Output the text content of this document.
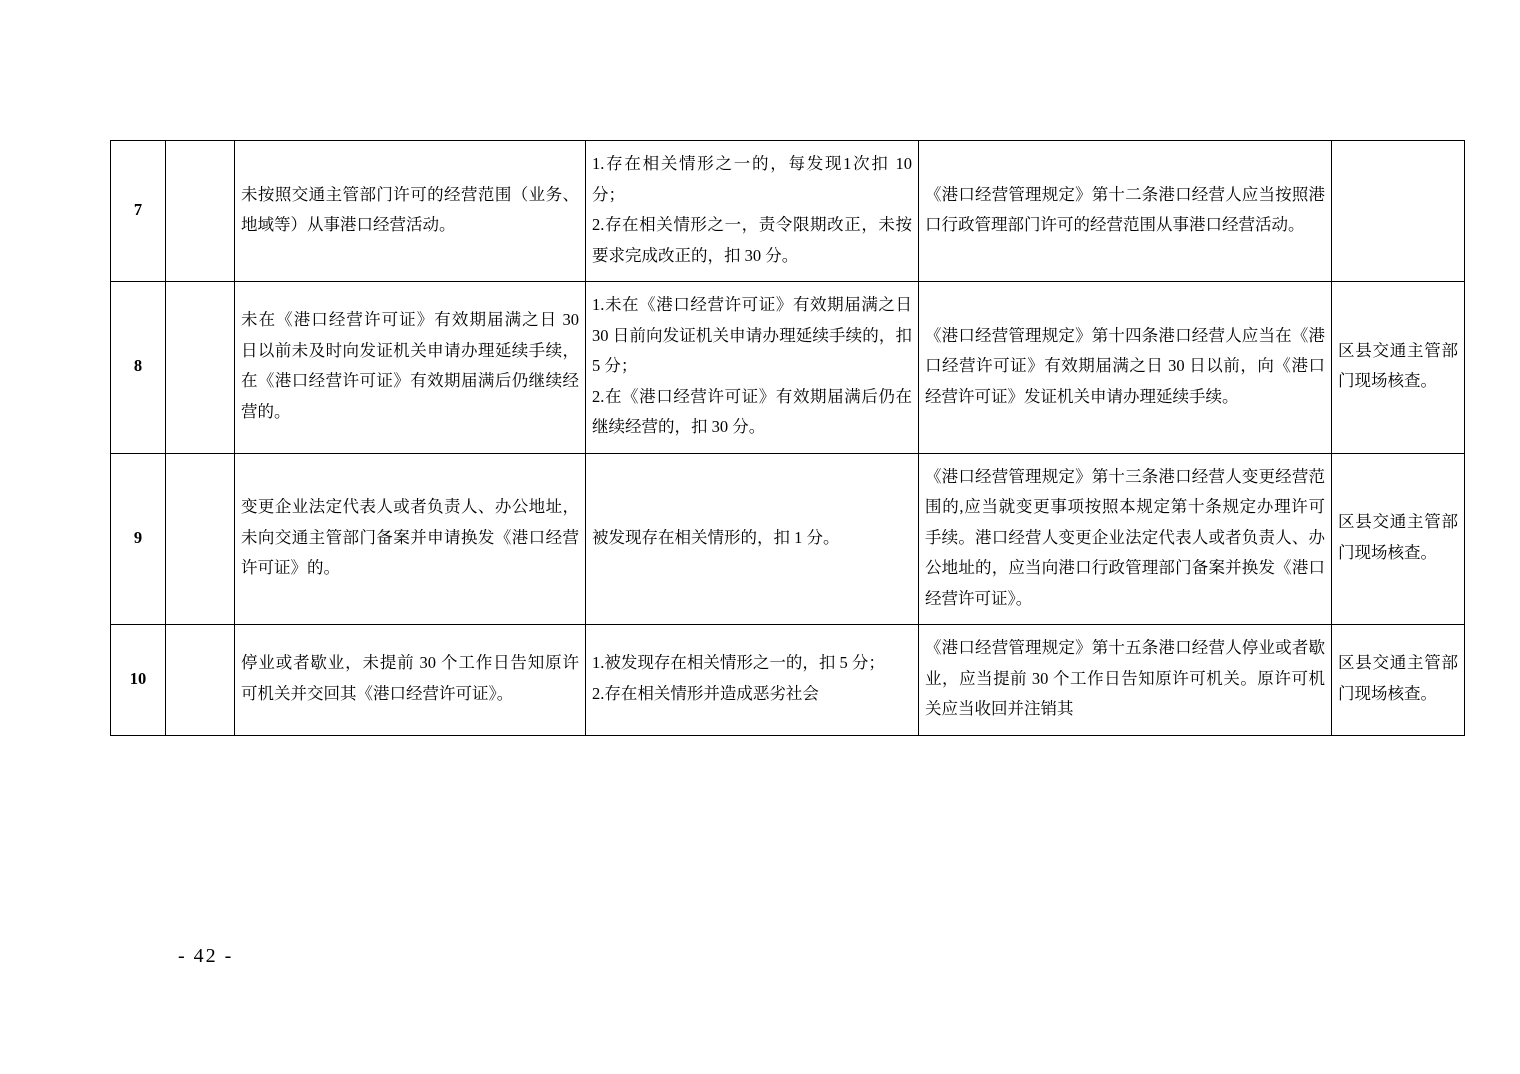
7		未按照交通主管部门许可的经营范围（业务、地域等）从事港口经营活动。	1.存在相关情形之一的，每发现1次扣 10 分；
2.存在相关情形之一，责令限期改正，未按要求完成改正的，扣 30 分。	《港口经营管理规定》第十二条港口经营人应当按照港口行政管理部门许可的经营范围从事港口经营活动。	
8		未在《港口经营许可证》有效期届满之日 30 日以前未及时向发证机关申请办理延续手续，在《港口经营许可证》有效期届满后仍继续经营的。	1.未在《港口经营许可证》有效期届满之日 30 日前向发证机关申请办理延续手续的，扣 5 分；
2.在《港口经营许可证》有效期届满后仍在继续经营的，扣 30 分。	《港口经营管理规定》第十四条港口经营人应当在《港口经营许可证》有效期届满之日 30 日以前，向《港口经营许可证》发证机关申请办理延续手续。	区县交通主管部门现场核查。
9		变更企业法定代表人或者负责人、办公地址，未向交通主管部门备案并申请换发《港口经营许可证》的。	被发现存在相关情形的，扣 1 分。	《港口经营管理规定》第十三条港口经营人变更经营范围的,应当就变更事项按照本规定第十条规定办理许可手续。港口经营人变更企业法定代表人或者负责人、办公地址的，应当向港口行政管理部门备案并换发《港口经营许可证》。	区县交通主管部门现场核查。
10		停业或者歇业，未提前 30 个工作日告知原许可机关并交回其《港口经营许可证》。	1.被发现存在相关情形之一的，扣 5 分；
2.存在相关情形并造成恶劣社会	《港口经营管理规定》第十五条港口经营人停业或者歇业，应当提前 30 个工作日告知原许可机关。原许可机关应当收回并注销其	区县交通主管部门现场核查。
- 42 -
